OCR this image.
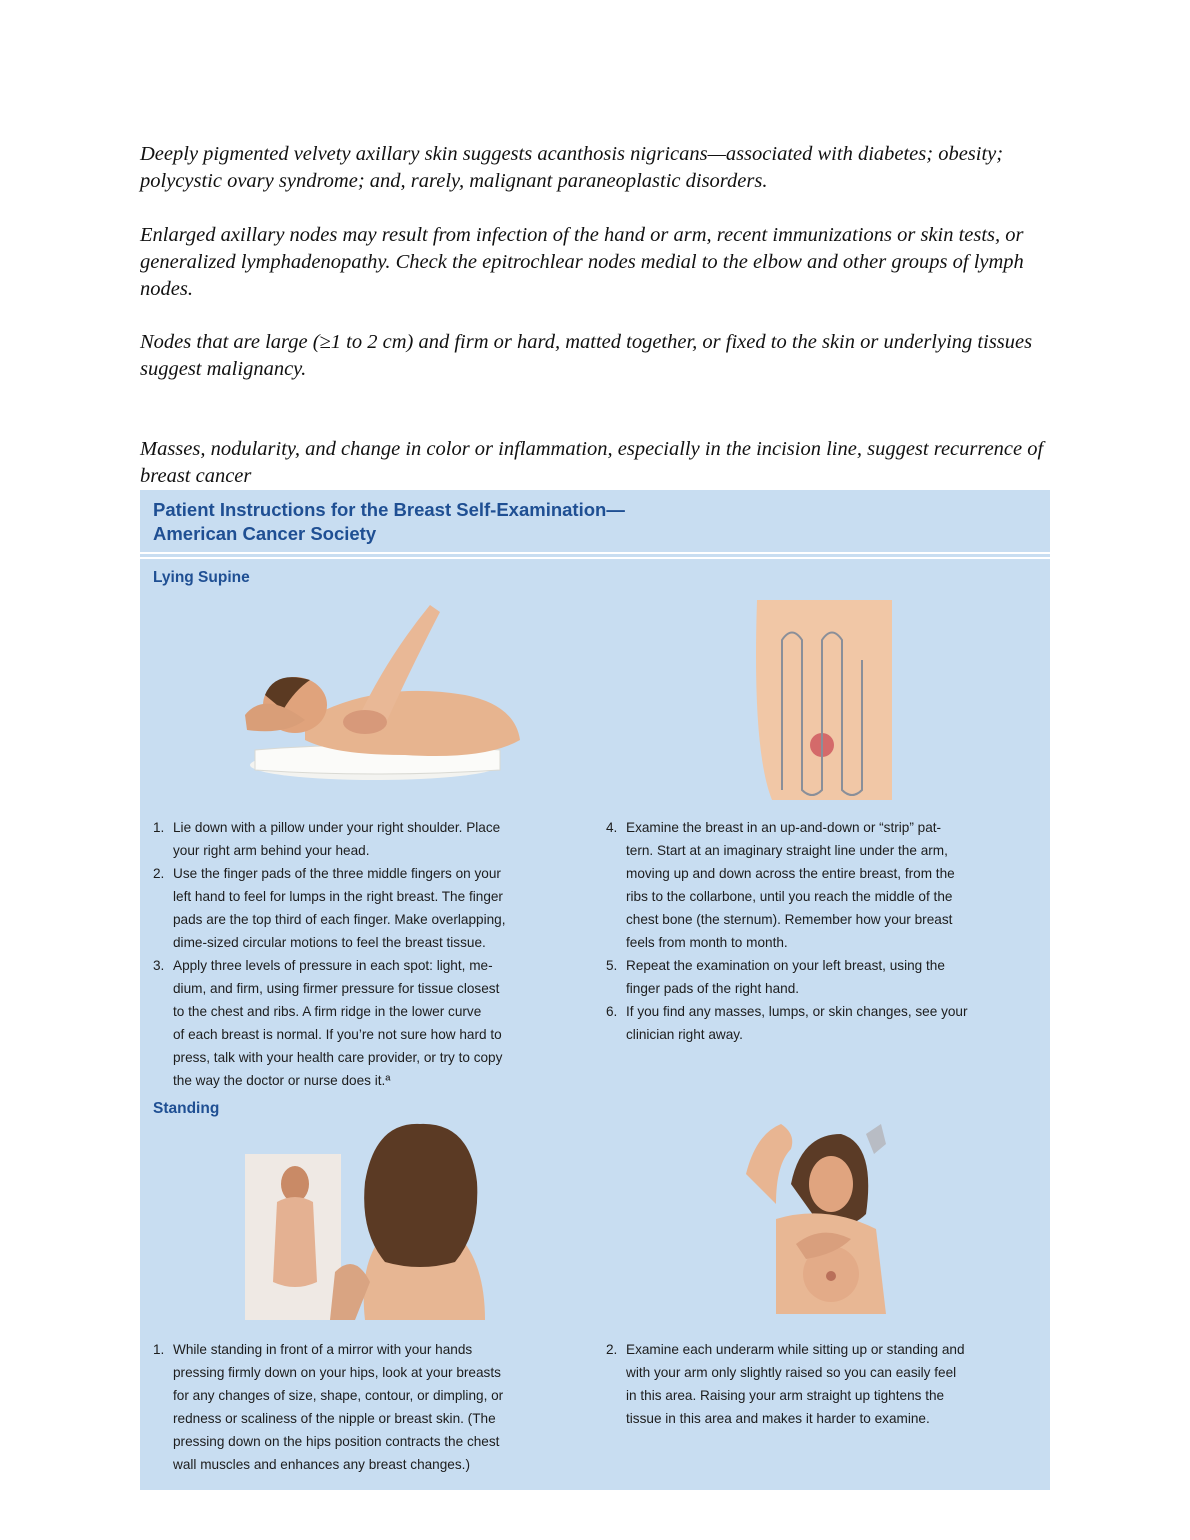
Deeply pigmented velvety axillary skin suggests acanthosis nigricans—associated with diabetes; obesity; polycystic ovary syndrome; and, rarely, malignant paraneoplastic disorders.

Enlarged axillary nodes may result from infection of the hand or arm, recent immunizations or skin tests, or generalized lymphadenopathy. Check the epitrochlear nodes medial to the elbow and other groups of lymph nodes.

Nodes that are large (≥1 to 2 cm) and firm or hard, matted together, or fixed to the skin or underlying tissues suggest malignancy.

Masses, nodularity, and change in color or inflammation, especially in the incision line, suggest recurrence of breast cancer

Patient Instructions for the Breast Self-Examination—
American Cancer Society
Lying Supine
1. Lie down with a pillow under your right shoulder. Place
your right arm behind your head.
2. Use the finger pads of the three middle fingers on your
left hand to feel for lumps in the right breast. The finger
pads are the top third of each finger. Make overlapping,
dime-sized circular motions to feel the breast tissue.
3. Apply three levels of pressure in each spot: light, me-
dium, and firm, using firmer pressure for tissue closest
to the chest and ribs. A firm ridge in the lower curve
of each breast is normal. If you’re not sure how hard to
press, talk with your health care provider, or try to copy
the way the doctor or nurse does it.ª
4. Examine the breast in an up-and-down or “strip” pat-
tern. Start at an imaginary straight line under the arm,
moving up and down across the entire breast, from the
ribs to the collarbone, until you reach the middle of the
chest bone (the sternum). Remember how your breast
feels from month to month.
5. Repeat the examination on your left breast, using the
finger pads of the right hand.
6. If you find any masses, lumps, or skin changes, see your
clinician right away.
Standing
1. While standing in front of a mirror with your hands
pressing firmly down on your hips, look at your breasts
for any changes of size, shape, contour, or dimpling, or
redness or scaliness of the nipple or breast skin. (The
pressing down on the hips position contracts the chest
wall muscles and enhances any breast changes.)
2. Examine each underarm while sitting up or standing and
with your arm only slightly raised so you can easily feel
in this area. Raising your arm straight up tightens the
tissue in this area and makes it harder to examine.
